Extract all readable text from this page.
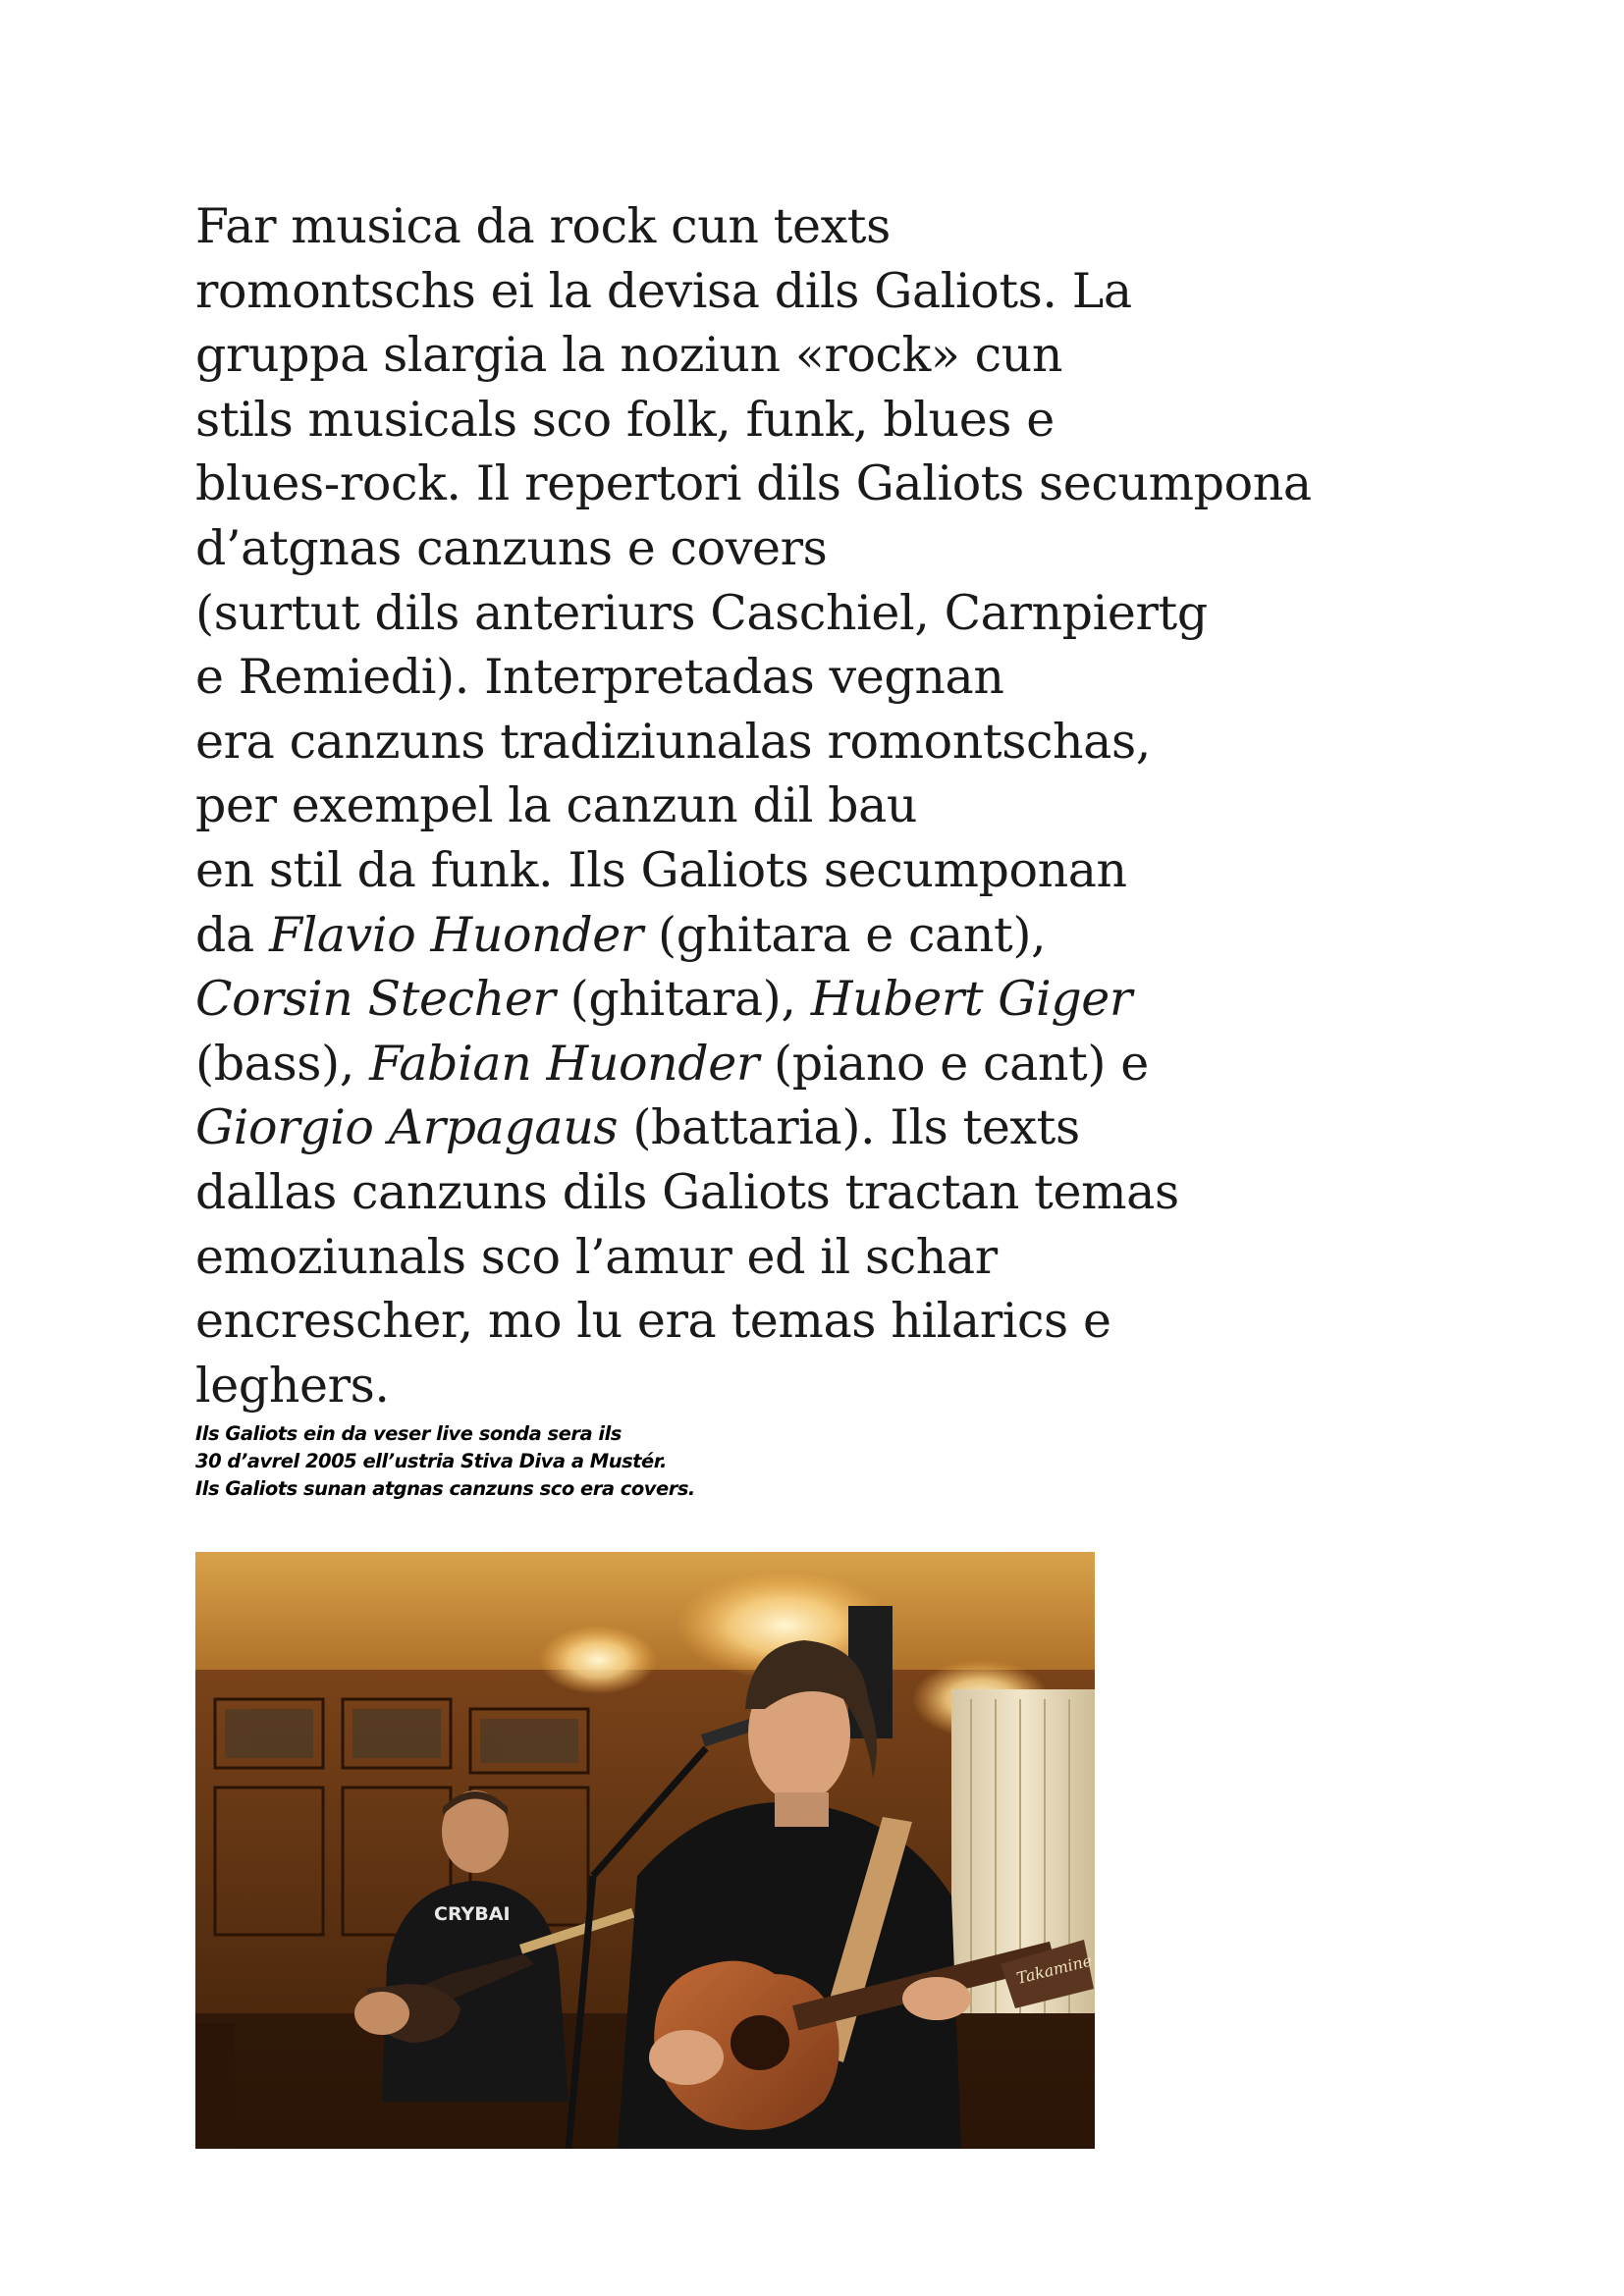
Far musica da rock cun texts
romontschs ei la devisa dils Galiots. La
gruppa slargia la noziun «rock» cun
stils musicals sco folk, funk, blues e
blues-rock. Il repertori dils Galiots secumpona
d’atgnas canzuns e covers
(surtut dils anteriurs Caschiel, Carnpiertg
e Remiedi). Interpretadas vegnan
era canzuns tradiziunalas romontschas,
per exempel la canzun dil bau
en stil da funk. Ils Galiots secumponan
da Flavio Huonder (ghitara e cant),
Corsin Stecher (ghitara), Hubert Giger
(bass), Fabian Huonder (piano e cant) e
Giorgio Arpagaus (battaria). Ils texts
dallas canzuns dils Galiots tractan temas
emoziunals sco l’amur ed il schar
encrescher, mo lu era temas hilarics e
leghers.
Ils Galiots ein da veser live sonda sera ils
30 d’avrel 2005 ell’ustria Stiva Diva a Mustér.
Ils Galiots sunan atgnas canzuns sco era covers.
CRYBAI
Takamine
